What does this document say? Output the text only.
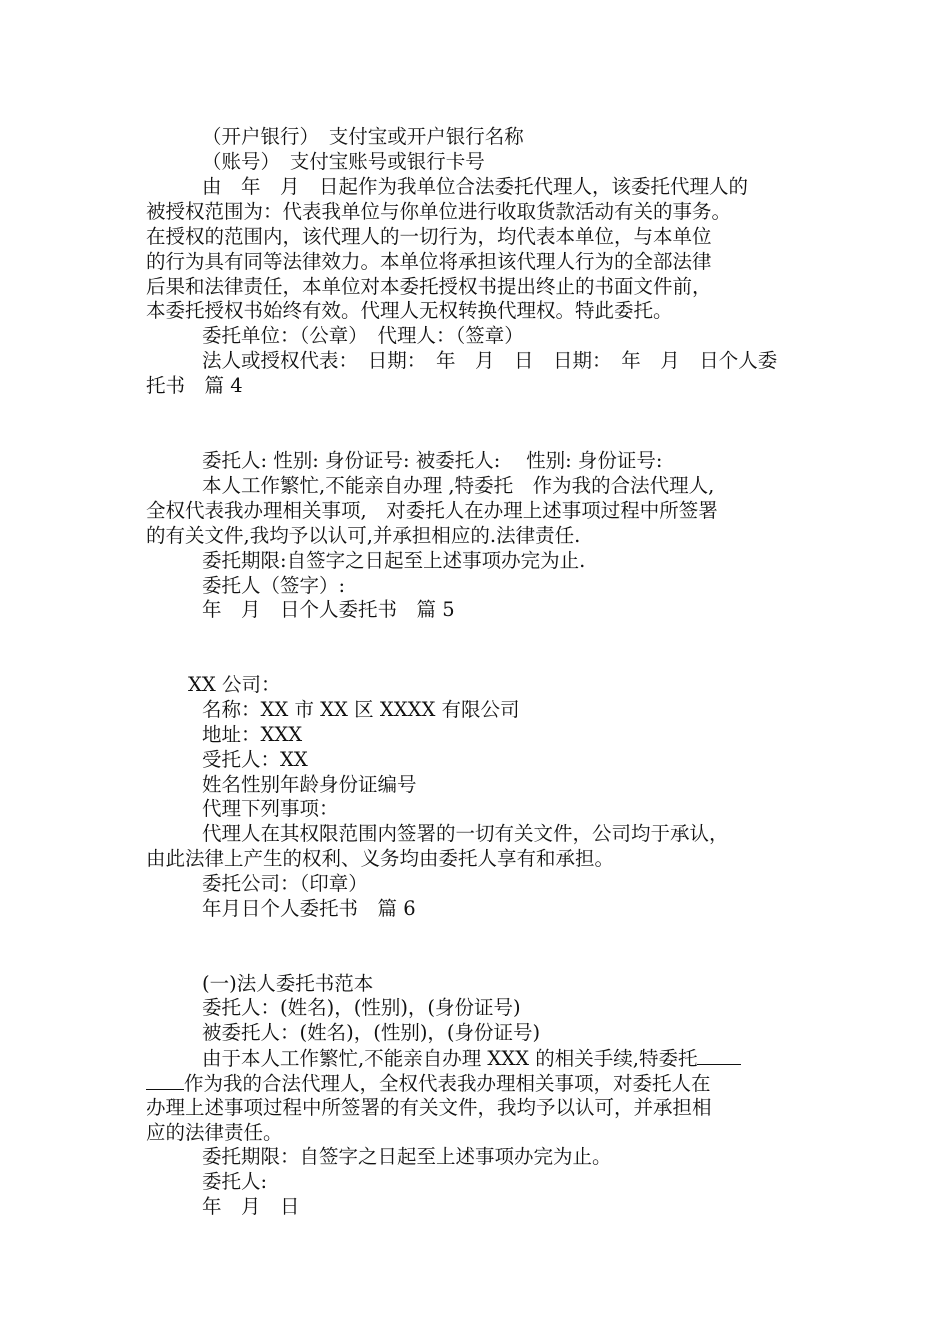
（开户银行）　支付宝或开户银行名称
（账号）　支付宝账号或银行卡号
由　年　月　日起作为我单位合法委托代理人，该委托代理人的
被授权范围为：代表我单位与你单位进行收取货款活动有关的事务。
在授权的范围内，该代理人的一切行为，均代表本单位，与本单位
的行为具有同等法律效力。本单位将承担该代理人行为的全部法律
后果和法律责任，本单位对本委托授权书提出终止的书面文件前，
本委托授权书始终有效。代理人无权转换代理权。特此委托。
委托单位：（公章）　代理人：（签章）
法人或授权代表：　日期：　年　月　日　日期：　年　月　日个人委
托书　篇 4
委托人: 性别: 身份证号: 被委托人:　 性别: 身份证号:
本人工作繁忙,不能亲自办理 ,特委托　作为我的合法代理人,
全权代表我办理相关事项,　对委托人在办理上述事项过程中所签署
的有关文件,我均予以认可,并承担相应的.法律责任.
委托期限:自签字之日起至上述事项办完为止.
委托人（签字）:
年　月　日个人委托书　篇 5
XX 公司：
名称：XX 市 XX 区 XXXX 有限公司
地址：XXX
受托人：XX
姓名性别年龄身份证编号
代理下列事项：
代理人在其权限范围内签署的一切有关文件，公司均于承认，
由此法律上产生的权利、义务均由委托人享有和承担。
委托公司：（印章）
年月日个人委托书　篇 6
(一)法人委托书范本
委托人：(姓名)，(性别)，(身份证号)
被委托人：(姓名)，(性别)，(身份证号)
由于本人工作繁忙,不能亲自办理 XXX 的相关手续,特委托
作为我的合法代理人，全权代表我办理相关事项，对委托人在
办理上述事项过程中所签署的有关文件，我均予以认可，并承担相
应的法律责任。
委托期限：自签字之日起至上述事项办完为止。
委托人:
年　月　日
